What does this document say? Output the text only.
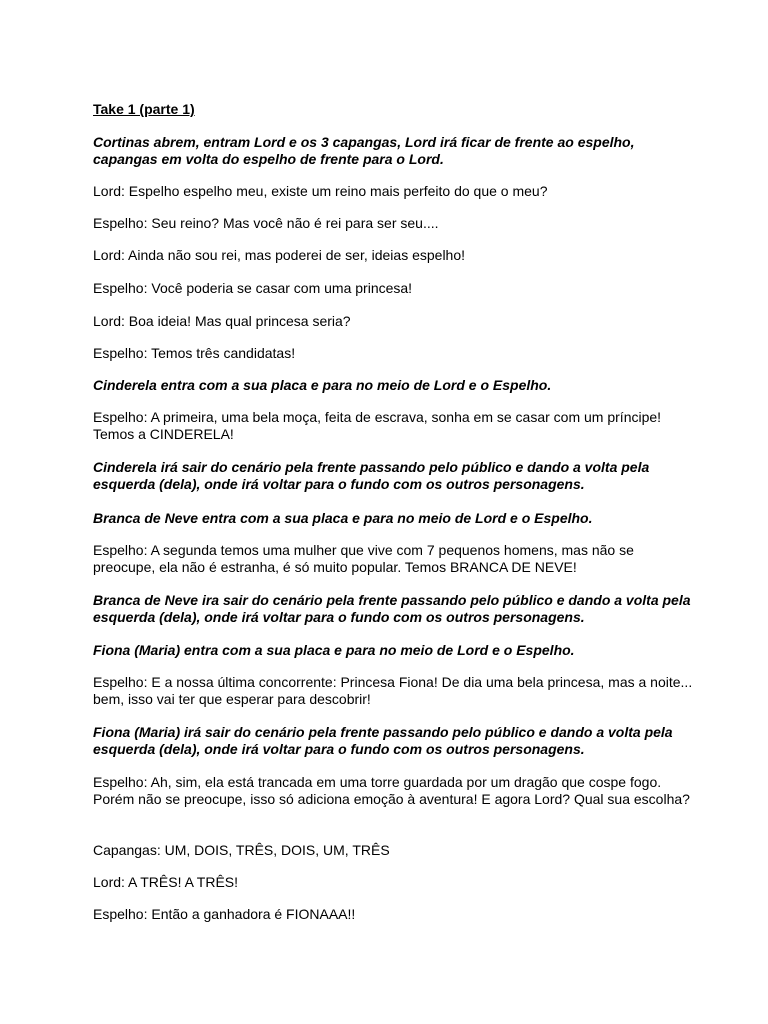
Take 1 (parte 1)

Cortinas abrem, entram Lord e os 3 capangas, Lord irá ficar de frente ao espelho, capangas em volta do espelho de frente para o Lord.

Lord: Espelho espelho meu, existe um reino mais perfeito do que o meu?

Espelho: Seu reino? Mas você não é rei para ser seu....

Lord: Ainda não sou rei, mas poderei de ser, ideias espelho!

Espelho: Você poderia se casar com uma princesa!

Lord: Boa ideia! Mas qual princesa seria?

Espelho: Temos três candidatas!

Cinderela entra com a sua placa e para no meio de Lord e o Espelho.

Espelho: A primeira, uma bela moça, feita de escrava, sonha em se casar com um príncipe! Temos a CINDERELA!

Cinderela irá sair do cenário pela frente passando pelo público e dando a volta pela esquerda (dela), onde irá voltar para o fundo com os outros personagens.

Branca de Neve entra com a sua placa e para no meio de Lord e o Espelho.

Espelho: A segunda temos uma mulher que vive com 7 pequenos homens, mas não se preocupe, ela não é estranha, é só muito popular. Temos BRANCA DE NEVE!

Branca de Neve ira sair do cenário pela frente passando pelo público e dando a volta pela esquerda (dela), onde irá voltar para o fundo com os outros personagens.

Fiona (Maria) entra com a sua placa e para no meio de Lord e o Espelho.

Espelho: E a nossa última concorrente: Princesa Fiona! De dia uma bela princesa, mas a noite... bem, isso vai ter que esperar para descobrir!

Fiona (Maria) irá sair do cenário pela frente passando pelo público e dando a volta pela esquerda (dela), onde irá voltar para o fundo com os outros personagens.

Espelho: Ah, sim, ela está trancada em uma torre guardada por um dragão que cospe fogo. Porém não se preocupe, isso só adiciona emoção à aventura! E agora Lord? Qual sua escolha?

Capangas: UM, DOIS, TRÊS, DOIS, UM, TRÊS

Lord: A TRÊS! A TRÊS!

Espelho: Então a ganhadora é FIONAAA!!
